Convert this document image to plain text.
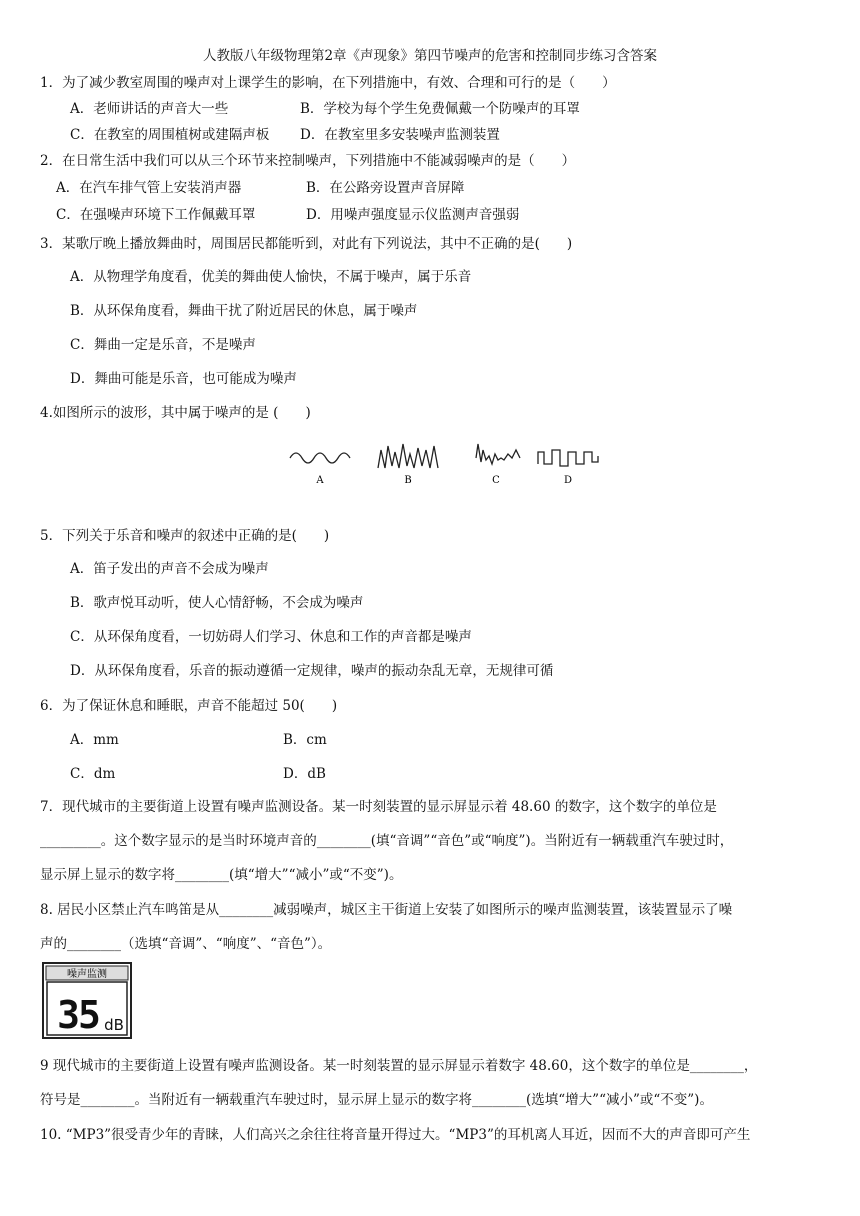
人教版八年级物理第2章《声现象》第四节噪声的危害和控制同步练习含答案
1．为了减少教室周围的噪声对上课学生的影响，在下列措施中，有效、合理和可行的是（　　）
A．老师讲话的声音大一些	B．学校为每个学生免费佩戴一个防噪声的耳罩
C．在教室的周围植树或建隔声板 D．在教室里多安装噪声监测装置
2．在日常生活中我们可以从三个环节来控制噪声，下列措施中不能减弱噪声的是（　　）
A．在汽车排气管上安装消声器	B．在公路旁设置声音屏障
C．在强噪声环境下工作佩戴耳罩	D．用噪声强度显示仪监测声音强弱
3．某歌厅晚上播放舞曲时，周围居民都能听到，对此有下列说法，其中不正确的是(　　)
A．从物理学角度看，优美的舞曲使人愉快，不属于噪声，属于乐音
B．从环保角度看，舞曲干扰了附近居民的休息，属于噪声
C．舞曲一定是乐音，不是噪声
D．舞曲可能是乐音，也可能成为噪声
4.如图所示的波形，其中属于噪声的是 (　　)
A	B	C	D
5．下列关于乐音和噪声的叙述中正确的是(　　)
A．笛子发出的声音不会成为噪声
B．歌声悦耳动听，使人心情舒畅，不会成为噪声
C．从环保角度看，一切妨碍人们学习、休息和工作的声音都是噪声
D．从环保角度看，乐音的振动遵循一定规律，噪声的振动杂乱无章，无规律可循
6．为了保证休息和睡眠，声音不能超过 50(　　)
A．mm	B．cm
C．dm	D．dB
7．现代城市的主要街道上设置有噪声监测设备。某一时刻装置的显示屏显示着 48.60 的数字，这个数字的单位是
_________。这个数字显示的是当时环境声音的________(填“音调”“音色”或“响度”)。当附近有一辆载重汽车驶过时，
显示屏上显示的数字将________(填“增大”“减小”或“不变”)。
8. 居民小区禁止汽车鸣笛是从________减弱噪声，城区主干街道上安装了如图所示的噪声监测装置，该装置显示了噪
声的________（选填“音调”、“响度”、“音色”）。
噪声监测
35 dB
9 现代城市的主要街道上设置有噪声监测设备。某一时刻装置的显示屏显示着数字 48.60，这个数字的单位是________，
符号是________。当附近有一辆载重汽车驶过时，显示屏上显示的数字将________(选填“增大”“减小”或“不变”)。
10. “MP3”很受青少年的青睐，人们高兴之余往往将音量开得过大。“MP3”的耳机离人耳近，因而不大的声音即可产生
